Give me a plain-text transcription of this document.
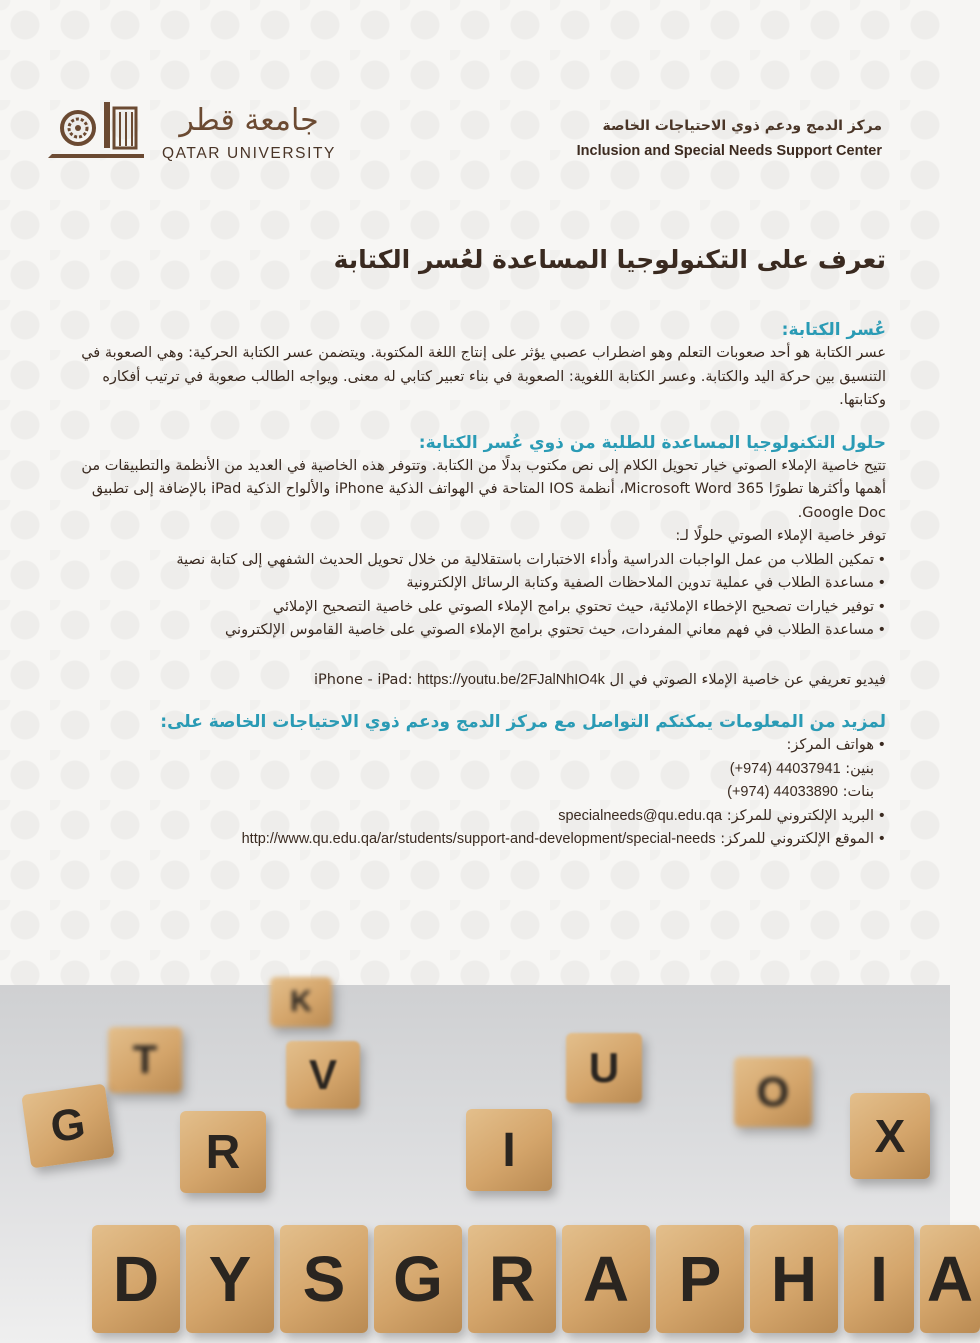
جامعة قطر
QATAR UNIVERSITY
مركز الدمج ودعم ذوي الاحتياجات الخاصة
Inclusion and Special Needs Support Center
تعرف على التكنولوجيا المساعدة لعُسر الكتابة
عُسر الكتابة:

عسر الكتابة هو أحد صعوبات التعلم وهو اضطراب عصبي يؤثر على إنتاج اللغة المكتوبة. ويتضمن عسر الكتابة الحركية: وهي الصعوبة في التنسيق بين حركة اليد والكتابة. وعسر الكتابة اللغوية: الصعوبة في بناء تعبير كتابي له معنى. ويواجه الطالب صعوبة في ترتيب أفكاره وكتابتها.

حلول التكنولوجيا المساعدة للطلبة من ذوي عُسر الكتابة:

تتيح خاصية الإملاء الصوتي خيار تحويل الكلام إلى نص مكتوب بدلًا من الكتابة. وتتوفر هذه الخاصية في العديد من الأنظمة والتطبيقات من أهمها وأكثرها تطورًا Microsoft Word 365، أنظمة IOS المتاحة في الهواتف الذكية iPhone والألواح الذكية iPad بالإضافة إلى تطبيق Google Doc.

توفر خاصية الإملاء الصوتي حلولًا لـ:

• تمكين الطلاب من عمل الواجبات الدراسية وأداء الاختبارات باستقلالية من خلال تحويل الحديث الشفهي إلى كتابة نصية
• مساعدة الطلاب في عملية تدوين الملاحظات الصفية وكتابة الرسائل الإلكترونية
• توفير خيارات تصحيح الإخطاء الإملائية، حيث تحتوي برامج الإملاء الصوتي على خاصية التصحيح الإملائي
• مساعدة الطلاب في فهم معاني المفردات، حيث تحتوي برامج الإملاء الصوتي على خاصية القاموس الإلكتروني
فيديو تعريفي عن خاصية الإملاء الصوتي في ال iPhone - iPad: https://youtu.be/2FJalNhIO4k
لمزيد من المعلومات يمكنكم التواصل مع مركز الدمج ودعم ذوي الاحتياجات الخاصة على:
• هواتف المركز:
بنين: (+974) 44037941
بنات: (+974) 44033890
• البريد الإلكتروني للمركز: specialneeds@qu.edu.qa
• الموقع الإلكتروني للمركز: http://www.qu.edu.qa/ar/students/support-and-development/special-needs
K
T	V	U
O
G	R	I	X
D Y S G R A P H I A
